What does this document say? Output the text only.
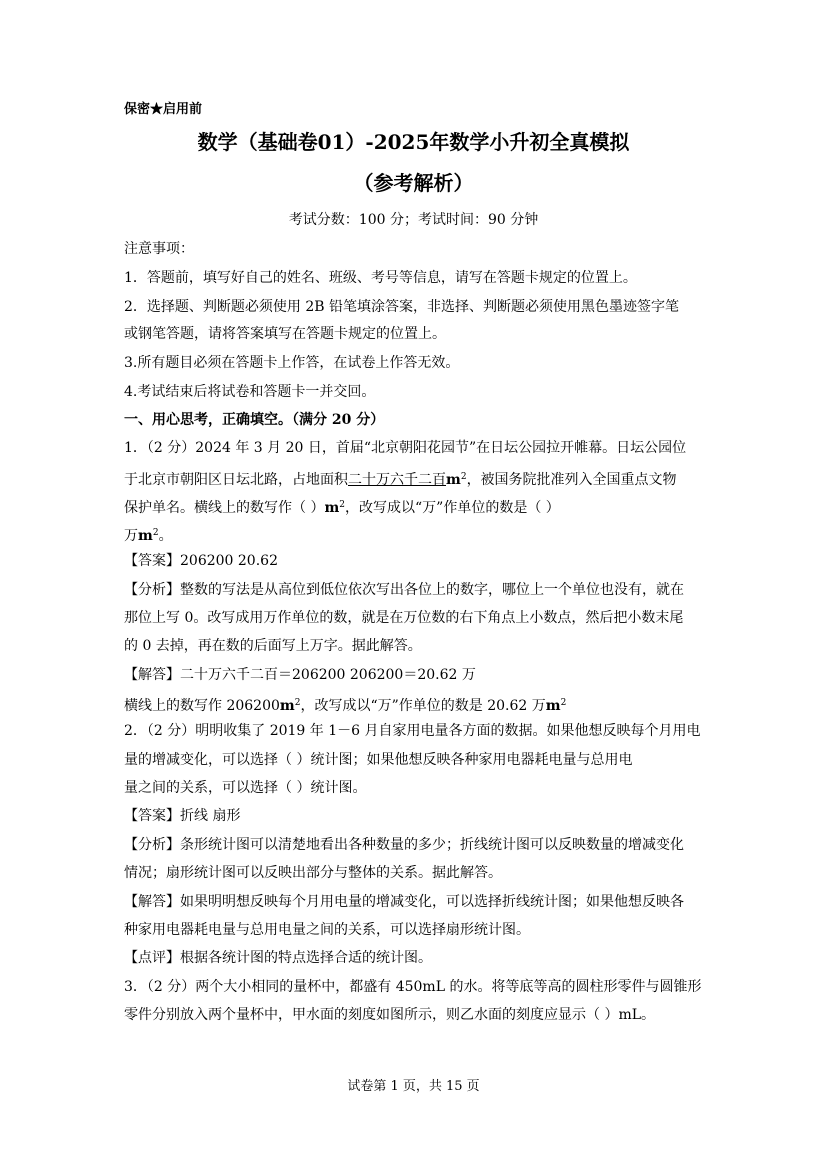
保密★启用前
数学（基础卷01）-2025年数学小升初全真模拟
（参考解析）
考试分数：100 分；考试时间：90 分钟
注意事项：
1．答题前，填写好自己的姓名、班级、考号等信息，请写在答题卡规定的位置上。
2．选择题、判断题必须使用 2B 铅笔填涂答案，非选择、判断题必须使用黑色墨迹签字笔
或钢笔答题，请将答案填写在答题卡规定的位置上。
3.所有题目必须在答题卡上作答，在试卷上作答无效。
4.考试结束后将试卷和答题卡一并交回。
一、用心思考，正确填空。（满分 20 分）
1．（2 分）2024 年 3 月 20 日，首届“北京朝阳花园节”在日坛公园拉开帷幕。日坛公园位
于北京市朝阳区日坛北路，占地面积二十万六千二百$m^2$，被国务院批准列入全国重点文物
保护单名。横线上的数写作（ ）$m^2$，改写成以“万”作单位的数是（ ）
万$m^2$。
【答案】206200 20.62
【分析】整数的写法是从高位到低位依次写出各位上的数字，哪位上一个单位也没有，就在
那位上写 0。改写成用万作单位的数，就是在万位数的右下角点上小数点，然后把小数末尾
的 0 去掉，再在数的后面写上万字。据此解答。
【解答】二十万六千二百＝206200 206200＝20.62 万
横线上的数写作 $206200m^2$，改写成以“万”作单位的数是 20.62 万$m^2$
2．（2 分）明明收集了 2019 年 1－6 月自家用电量各方面的数据。如果他想反映每个月用电
量的增减变化，可以选择（ ）统计图；如果他想反映各种家用电器耗电量与总用电
量之间的关系，可以选择（ ）统计图。
【答案】折线 扇形
【分析】条形统计图可以清楚地看出各种数量的多少；折线统计图可以反映数量的增减变化
情况；扇形统计图可以反映出部分与整体的关系。据此解答。
【解答】如果明明想反映每个月用电量的增减变化，可以选择折线统计图；如果他想反映各
种家用电器耗电量与总用电量之间的关系，可以选择扇形统计图。
【点评】根据各统计图的特点选择合适的统计图。
3．（2 分）两个大小相同的量杯中，都盛有 450mL 的水。将等底等高的圆柱形零件与圆锥形
零件分别放入两个量杯中，甲水面的刻度如图所示，则乙水面的刻度应显示（ ）mL。
试卷第 1 页，共 15 页
